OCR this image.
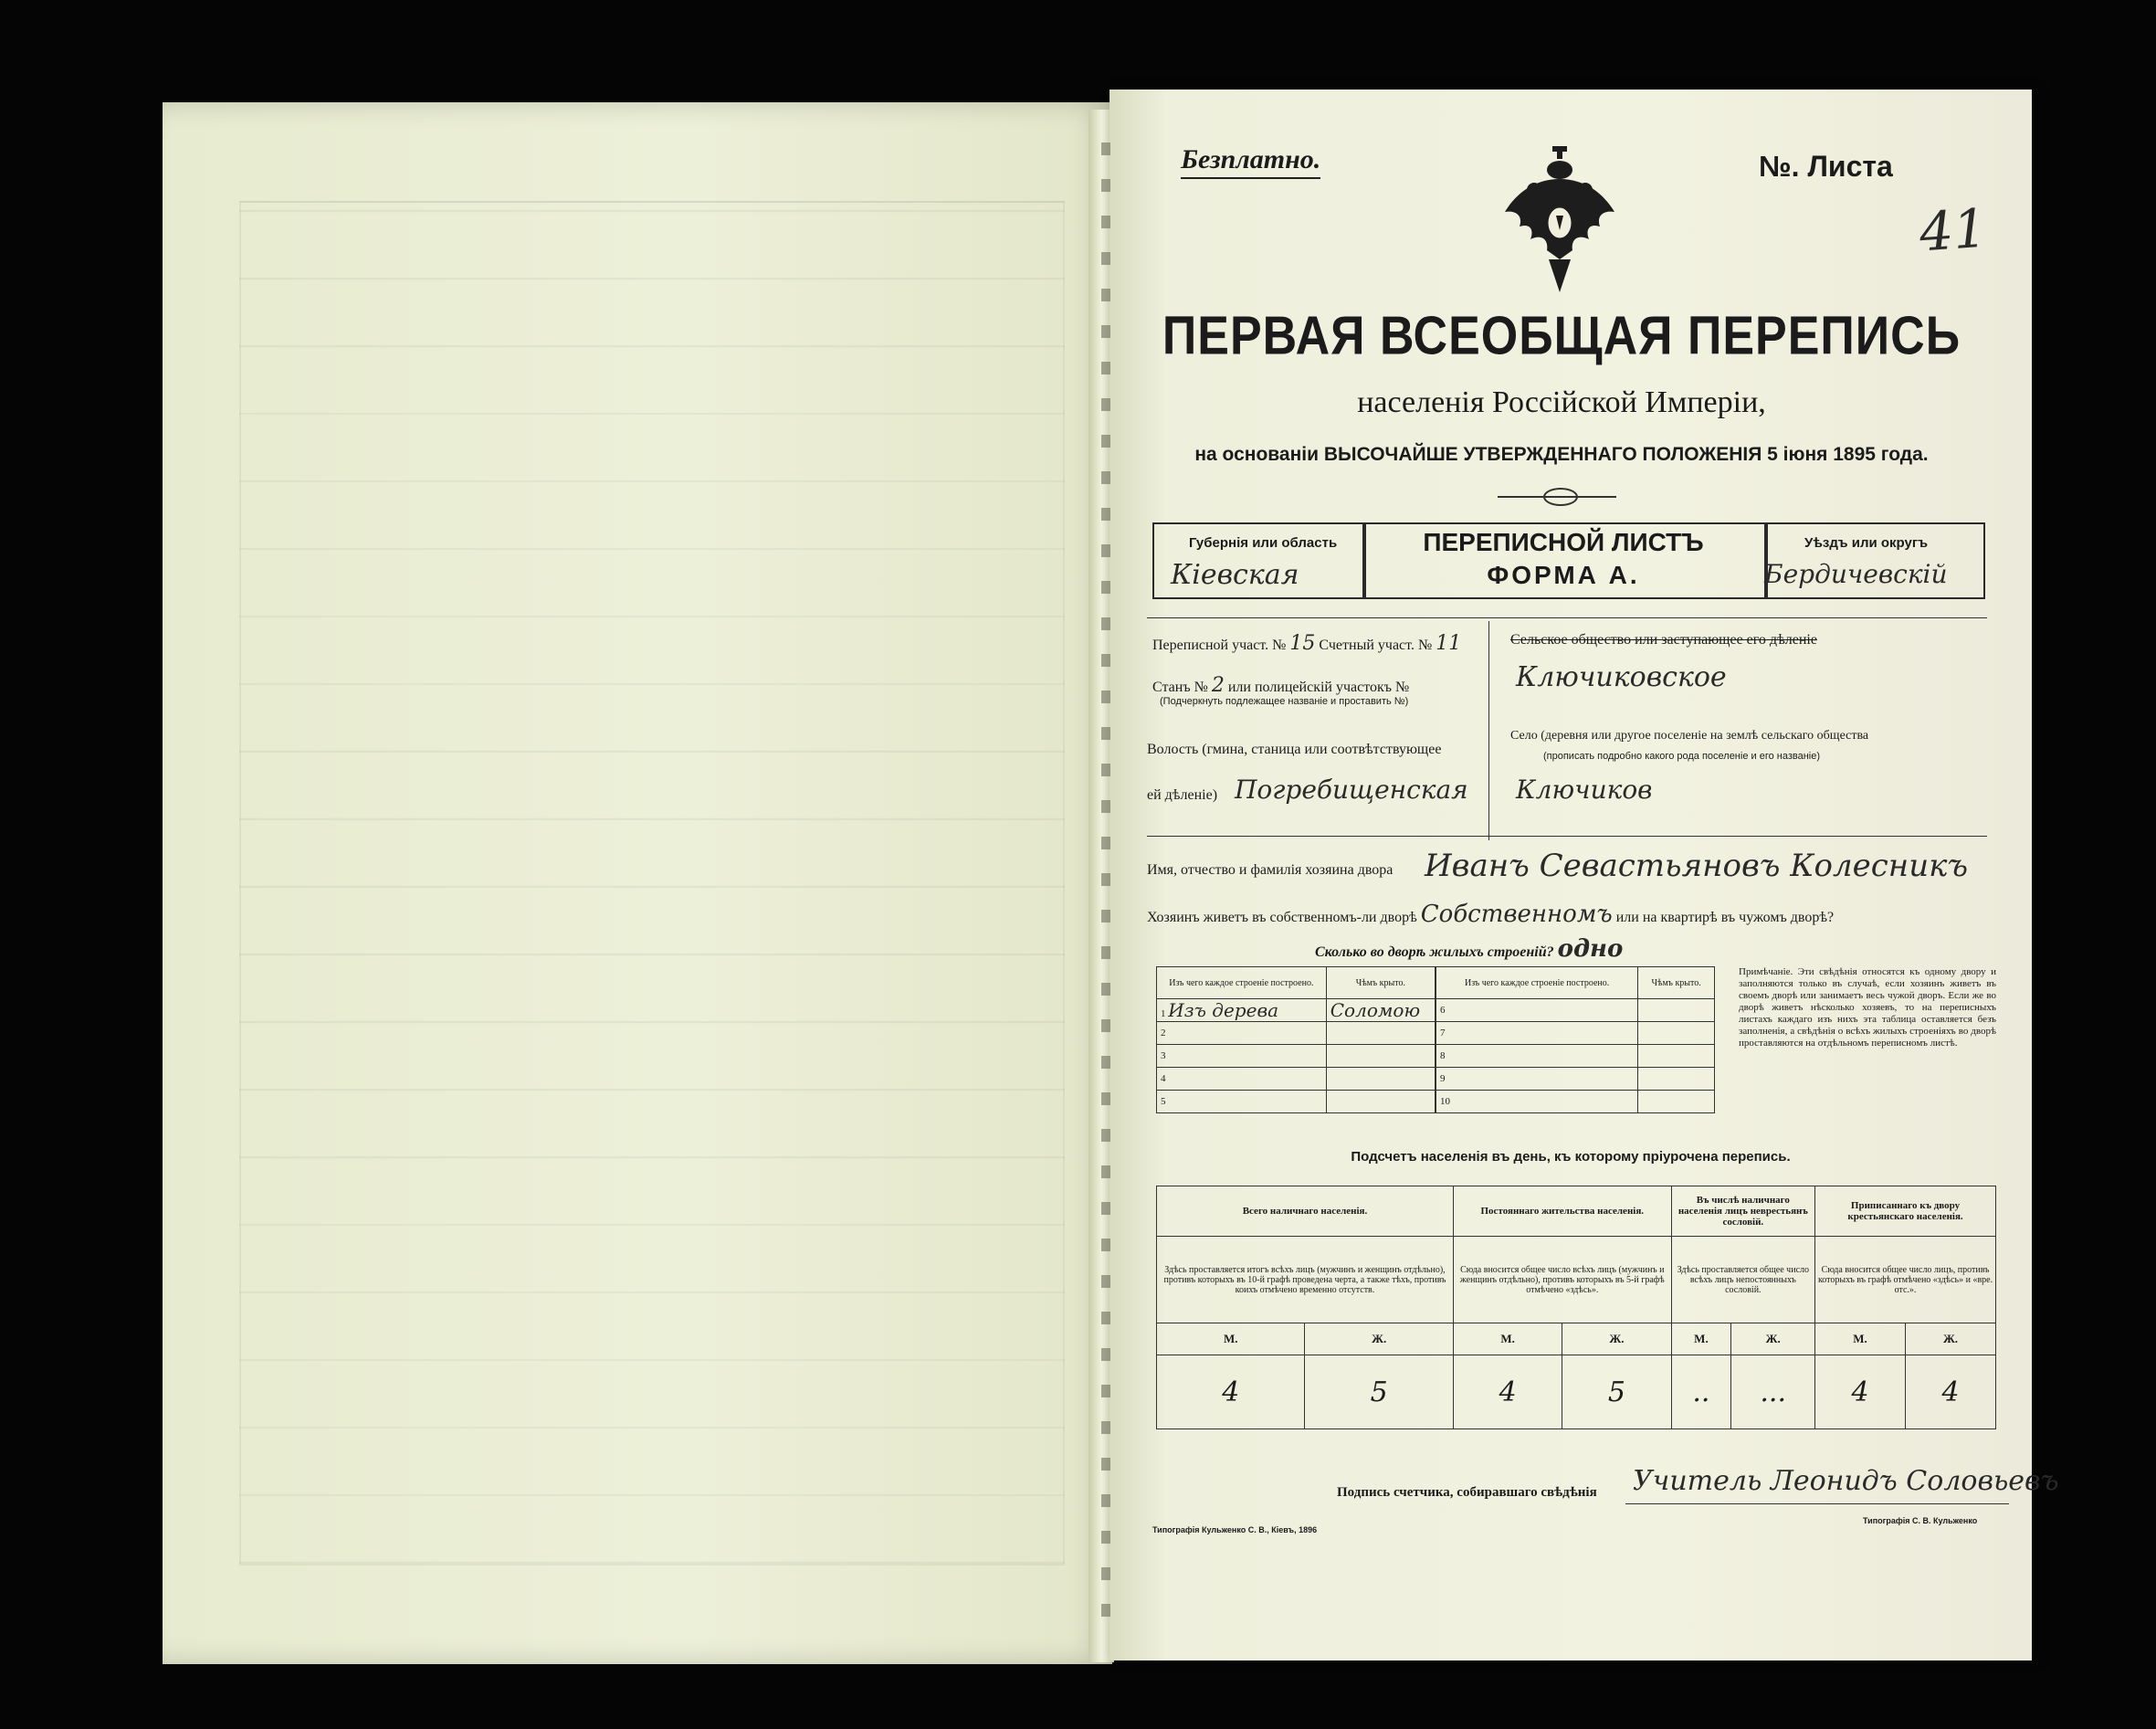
Безплатно.	№. Листа
41
ПЕРВАЯ ВСЕОБЩАЯ ПЕРЕПИСЬ
населенія Россійской Имперіи,
на основаніи ВЫСОЧАЙШЕ УТВЕРЖДЕННАГО ПОЛОЖЕНІЯ 5 іюня 1895 года.
Губернія или область
Кіевская
ПЕРЕПИСНОЙ ЛИСТЪ
ФОРМА А.
Уѣздъ или округъ
Бердичевскій
Переписной участ. № 15 Счетный участ. № 11
Станъ № 2 или полицейскій участокъ №
(Подчеркнуть подлежащее названіе и проставить №)
Волость (гмина, станица или соотвѣтствующее
ей дѣленіе) Погребищенская
Сельское общество или заступающее его дѣленіе
Ключиковское
Село (деревня или другое поселеніе на землѣ сельскаго общества
(прописать подробно какого рода поселеніе и его названіе)
Ключиков
Имя, отчество и фамилія хозяина двора Иванъ Севастьяновъ Колесникъ
Хозяинъ живетъ въ собственномъ-ли дворѣ Собственномъ или на квартирѣ въ чужомъ дворѣ?
Сколько во дворѣ жилыхъ строеній? одно
Изъ чего каждое строеніе построено.	Чѣмъ крыто.
1 Изъ дерева	Соломою
2	
3	
4	
5	
Изъ чего каждое строеніе построено.	Чѣмъ крыто.
6	
7	
8	
9	
10	
Примѣчаніе. Эти свѣдѣнія относятся къ одному двору и заполняются только въ случаѣ, если хозяинъ живетъ въ своемъ дворѣ или занимаетъ весь чужой дворъ. Если же во дворѣ живетъ нѣсколько хозяевъ, то на переписныхъ листахъ каждаго изъ нихъ эта таблица оставляется безъ заполненія, а свѣдѣнія о всѣхъ жилыхъ строеніяхъ во дворѣ проставляются на отдѣльномъ переписномъ листѣ.
Подсчетъ населенія въ день, къ которому пріурочена перепись.
Всего наличнаго населенія.		Постояннаго жительства населенія.		Въ числѣ наличнаго населенія лицъ неврестьянъ сословій.		Приписаннаго къ двору крестьянскаго населенія.	
Здѣсь проставляется итогъ всѣхъ лицъ (мужчинъ и женщинъ отдѣльно), противъ которыхъ въ 10-й графѣ проведена черта, а также тѣхъ, противъ коихъ отмѣчено временно отсутств.		Сюда вносится общее число всѣхъ лицъ (мужчинъ и женщинъ отдѣльно), противъ которыхъ въ 5-й графѣ отмѣчено «здѣсь».		Здѣсь проставляется общее число всѣхъ лицъ непостоянныхъ сословій.		Сюда вносится общее число лицъ, противъ которыхъ въ графѣ отмѣчено «здѣсь» и «вре. отс.».	
М.	Ж.	М.	Ж.	М.	Ж.	М.	Ж.
4	5	4	5	..	...	4	4
Подпись счетчика, собиравшаго свѣдѣнія Учитель Леонидъ Соловьевъ
Типографія Кульженко С. В., Кіевъ, 1896
Типографія С. В. Кульженко
